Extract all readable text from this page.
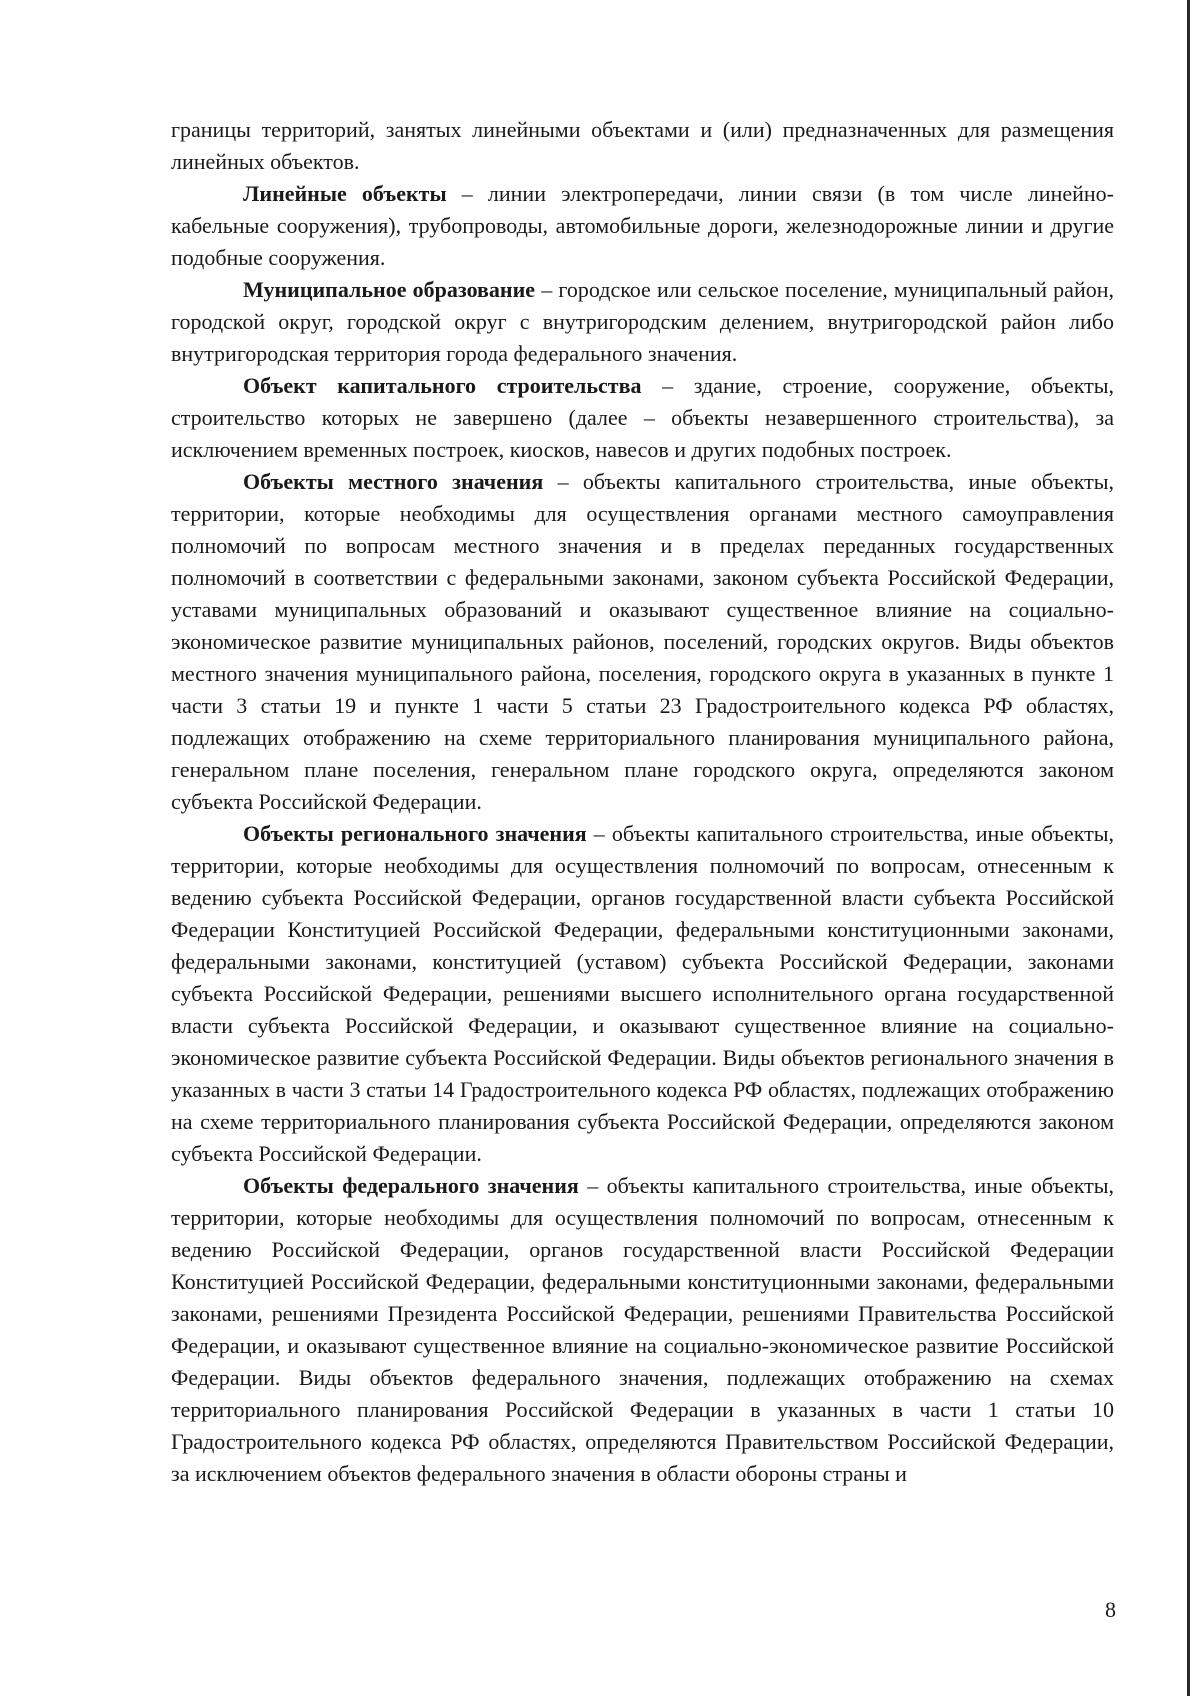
границы территорий, занятых линейными объектами и (или) предназначенных для размещения линейных объектов.

Линейные объекты – линии электропередачи, линии связи (в том числе линейно-кабельные сооружения), трубопроводы, автомобильные дороги, железнодорожные линии и другие подобные сооружения.

Муниципальное образование – городское или сельское поселение, муниципальный район, городской округ, городской округ с внутригородским делением, внутригородской район либо внутригородская территория города федерального значения.

Объект капитального строительства – здание, строение, сооружение, объекты, строительство которых не завершено (далее – объекты незавершенного строительства), за исключением временных построек, киосков, навесов и других подобных построек.

Объекты местного значения – объекты капитального строительства, иные объекты, территории, которые необходимы для осуществления органами местного самоуправления полномочий по вопросам местного значения и в пределах переданных государственных полномочий в соответствии с федеральными законами, законом субъекта Российской Федерации, уставами муниципальных образований и оказывают существенное влияние на социально-экономическое развитие муниципальных районов, поселений, городских округов. Виды объектов местного значения муниципального района, поселения, городского округа в указанных в пункте 1 части 3 статьи 19 и пункте 1 части 5 статьи 23 Градостроительного кодекса РФ областях, подлежащих отображению на схеме территориального планирования муниципального района, генеральном плане поселения, генеральном плане городского округа, определяются законом субъекта Российской Федерации.

Объекты регионального значения – объекты капитального строительства, иные объекты, территории, которые необходимы для осуществления полномочий по вопросам, отнесенным к ведению субъекта Российской Федерации, органов государственной власти субъекта Российской Федерации Конституцией Российской Федерации, федеральными конституционными законами, федеральными законами, конституцией (уставом) субъекта Российской Федерации, законами субъекта Российской Федерации, решениями высшего исполнительного органа государственной власти субъекта Российской Федерации, и оказывают существенное влияние на социально-экономическое развитие субъекта Российской Федерации. Виды объектов регионального значения в указанных в части 3 статьи 14 Градостроительного кодекса РФ областях, подлежащих отображению на схеме территориального планирования субъекта Российской Федерации, определяются законом субъекта Российской Федерации.

Объекты федерального значения – объекты капитального строительства, иные объекты, территории, которые необходимы для осуществления полномочий по вопросам, отнесенным к ведению Российской Федерации, органов государственной власти Российской Федерации Конституцией Российской Федерации, федеральными конституционными законами, федеральными законами, решениями Президента Российской Федерации, решениями Правительства Российской Федерации, и оказывают существенное влияние на социально-экономическое развитие Российской Федерации. Виды объектов федерального значения, подлежащих отображению на схемах территориального планирования Российской Федерации в указанных в части 1 статьи 10 Градостроительного кодекса РФ областях, определяются Правительством Российской Федерации, за исключением объектов федерального значения в области обороны страны и

8
